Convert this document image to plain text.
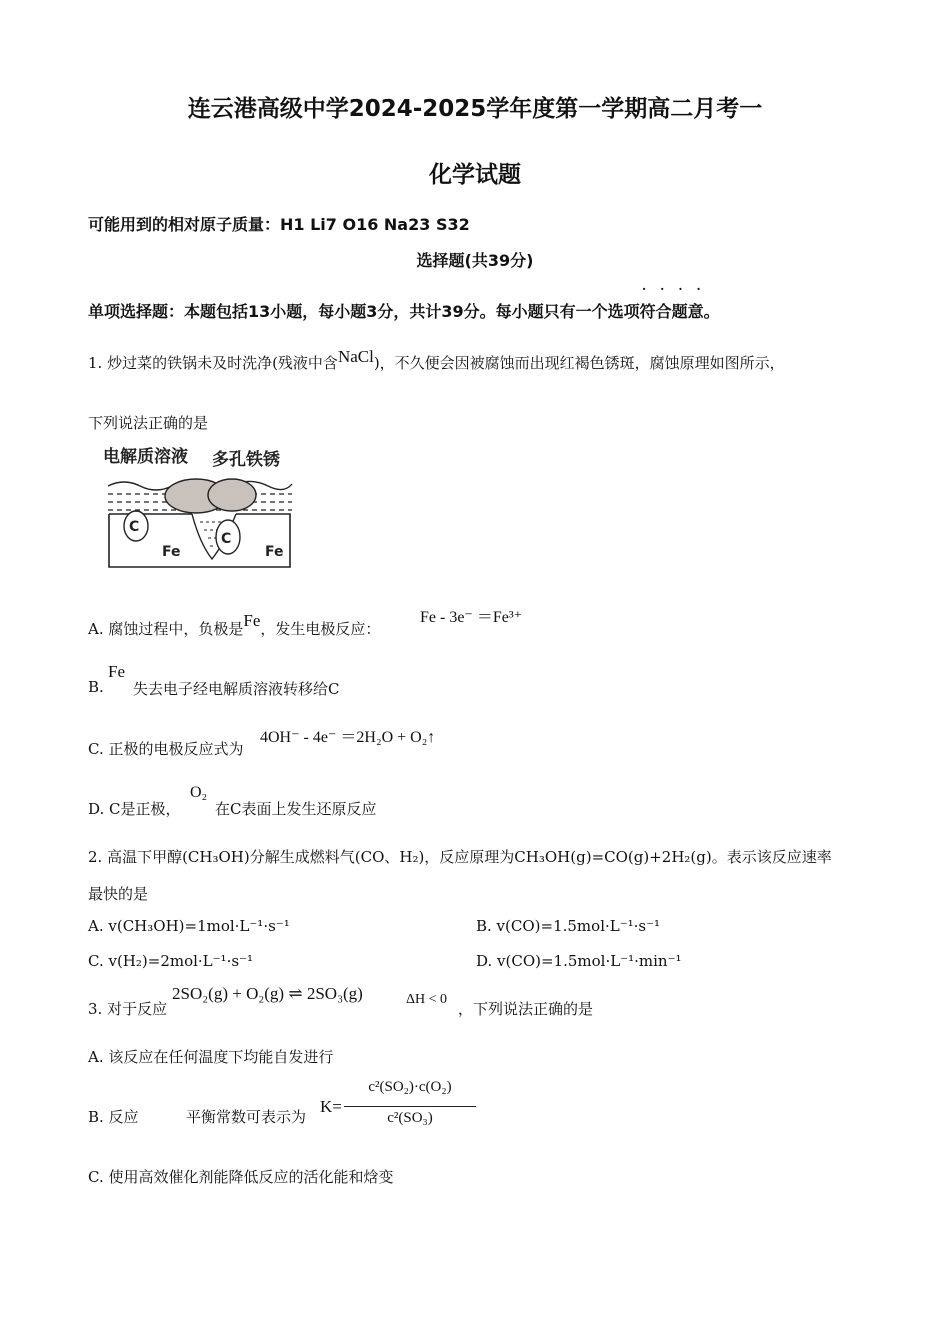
连云港高级中学2024-2025学年度第一学期高二月考一
化学试题
可能用到的相对原子质量：H1 Li7 O16 Na23 S32
选择题(共39分)
····
单项选择题：本题包括13小题，每小题3分，共计39分。每小题只有一个选项符合题意。
1. 炒过菜的铁锅未及时洗净(残液中含NaCl)，不久便会因被腐蚀而出现红褐色锈斑，腐蚀原理如图所示，
下列说法正确的是
电解质溶液 多孔铁锈
C
C
Fe	Fe
A. 腐蚀过程中，负极是Fe，发生电极反应：
Fe - 3e⁻ ＝Fe³⁺
B.
Fe
失去电子经电解质溶液转移给C
C. 正极的电极反应式为
4OH⁻ - 4e⁻ ＝2H₂O + O₂↑
D. C是正极，
O₂
在C表面上发生还原反应
2. 高温下甲醇(CH₃OH)分解生成燃料气(CO、H₂)，反应原理为CH₃OH(g)=CO(g)+2H₂(g)。表示该反应速率
最快的是
A. v(CH₃OH)=1mol·L⁻¹·s⁻¹	B. v(CO)=1.5mol·L⁻¹·s⁻¹
C. v(H₂)=2mol·L⁻¹·s⁻¹	D. v(CO)=1.5mol·L⁻¹·min⁻¹
3. 对于反应
2SO₂(g) + O₂(g) ⇌ 2SO₃(g)	ΔH < 0
，下列说法正确的是
A. 该反应在任何温度下均能自发进行
B. 反应	平衡常数可表示为
K=
c²(SO₂)·c(O₂)
c²(SO₃)
C. 使用高效催化剂能降低反应的活化能和焓变
